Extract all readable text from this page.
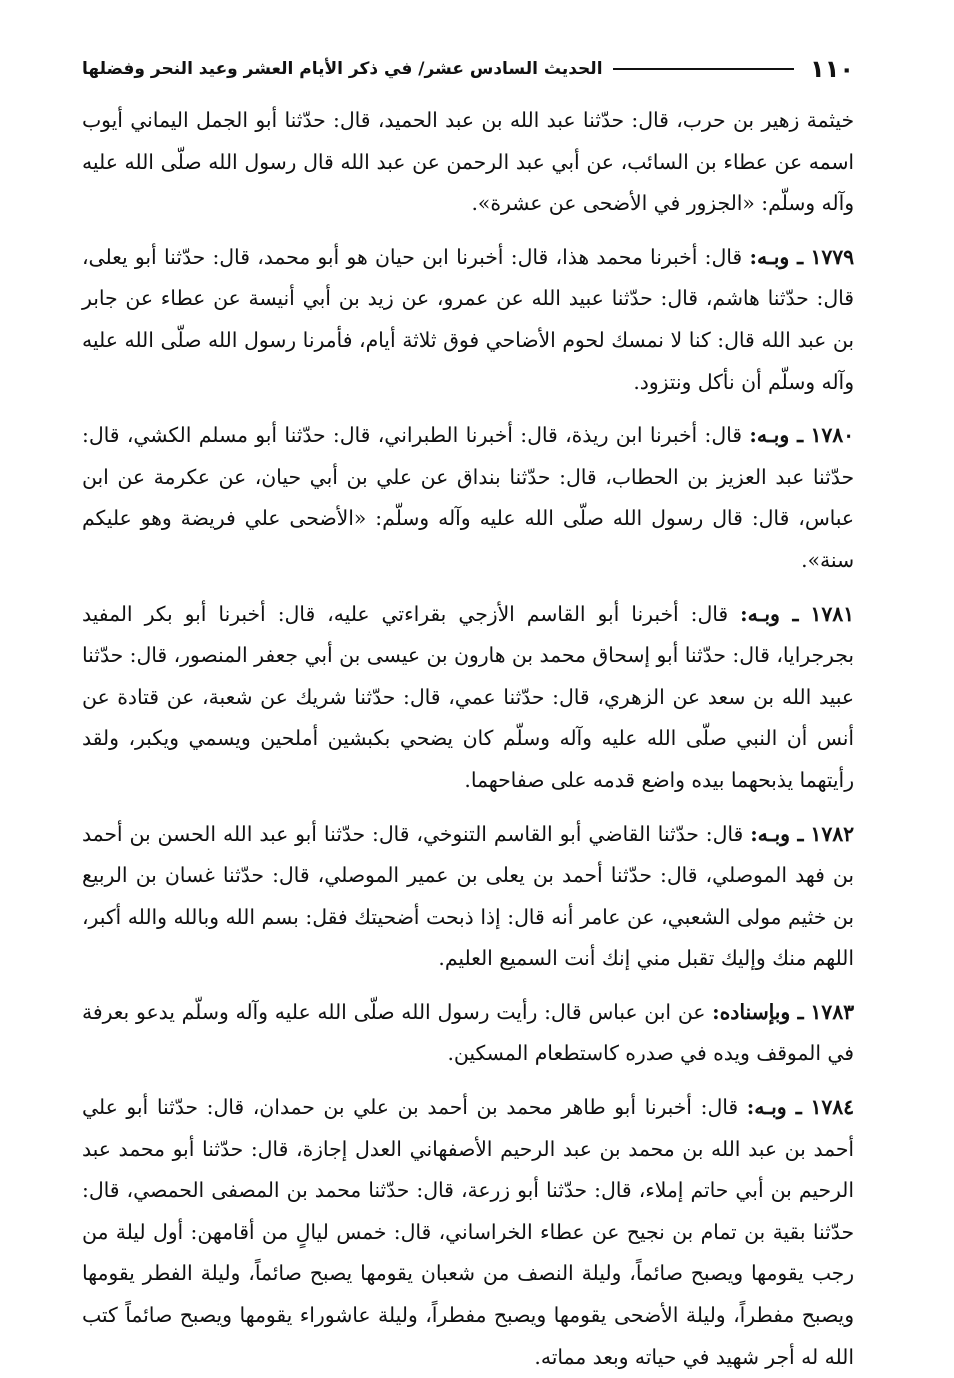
١١٠
الحديث السادس عشر/ في ذكر الأيام العشر وعيد النحر وفضلها

خيثمة زهير بن حرب، قال: حدّثنا عبد الله بن عبد الحميد، قال: حدّثنا أبو الجمل اليماني أيوب اسمه عن عطاء بن السائب، عن أبي عبد الرحمن عن عبد الله قال رسول الله صلّى الله عليه وآله وسلّم: «الجزور في الأضحى عن عشرة».

١٧٧٩ ـ وبـه: قال: أخبرنا محمد هذا، قال: أخبرنا ابن حيان هو أبو محمد، قال: حدّثنا أبو يعلى، قال: حدّثنا هاشم، قال: حدّثنا عبيد الله عن عمرو، عن زيد بن أبي أنيسة عن عطاء عن جابر بن عبد الله قال: كنا لا نمسك لحوم الأضاحي فوق ثلاثة أيام، فأمرنا رسول الله صلّى الله عليه وآله وسلّم أن نأكل ونتزود.

١٧٨٠ ـ وبـه: قال: أخبرنا ابن ريذة، قال: أخبرنا الطبراني، قال: حدّثنا أبو مسلم الكشي، قال: حدّثنا عبد العزيز بن الحطاب، قال: حدّثنا بنداق عن علي بن أبي حيان، عن عكرمة عن ابن عباس، قال: قال رسول الله صلّى الله عليه وآله وسلّم: «الأضحى علي فريضة وهو عليكم سنة».

١٧٨١ ـ وبـه: قال: أخبرنا أبو القاسم الأزجي بقراءتي عليه، قال: أخبرنا أبو بكر المفيد بجرجرايا، قال: حدّثنا أبو إسحاق محمد بن هارون بن عيسى بن أبي جعفر المنصور، قال: حدّثنا عبيد الله بن سعد عن الزهري، قال: حدّثنا عمي، قال: حدّثنا شريك عن شعبة، عن قتادة عن أنس أن النبي صلّى الله عليه وآله وسلّم كان يضحي بكبشين أملحين ويسمي ويكبر، ولقد رأيتهما يذبحهما بيده واضع قدمه على صفاحهما.

١٧٨٢ ـ وبـه: قال: حدّثنا القاضي أبو القاسم التنوخي، قال: حدّثنا أبو عبد الله الحسن بن أحمد بن فهد الموصلي، قال: حدّثنا أحمد بن يعلى بن عمير الموصلي، قال: حدّثنا غسان بن الربيع بن خثيم مولى الشعبي، عن عامر أنه قال: إذا ذبحت أضحيتك فقل: بسم الله وبالله والله أكبر، اللهم منك وإليك تقبل مني إنك أنت السميع العليم.

١٧٨٣ ـ وبإسناده: عن ابن عباس قال: رأيت رسول الله صلّى الله عليه وآله وسلّم يدعو بعرفة في الموقف ويده في صدره كاستطعام المسكين.

١٧٨٤ ـ وبـه: قال: أخبرنا أبو طاهر محمد بن أحمد بن علي بن حمدان، قال: حدّثنا أبو علي أحمد بن عبد الله بن محمد بن عبد الرحيم الأصفهاني العدل إجازة، قال: حدّثنا أبو محمد عبد الرحيم بن أبي حاتم إملاء، قال: حدّثنا أبو زرعة، قال: حدّثنا محمد بن المصفى الحمصي، قال: حدّثنا بقية بن تمام بن نجيح عن عطاء الخراساني، قال: خمس ليالٍ من أقامهن: أول ليلة من رجب يقومها ويصبح صائماً، وليلة النصف من شعبان يقومها يصبح صائماً، وليلة الفطر يقومها ويصبح مفطراً، وليلة الأضحى يقومها ويصبح مفطراً، وليلة عاشوراء يقومها ويصبح صائماً كتب الله له أجر شهيد في حياته وبعد مماته.
